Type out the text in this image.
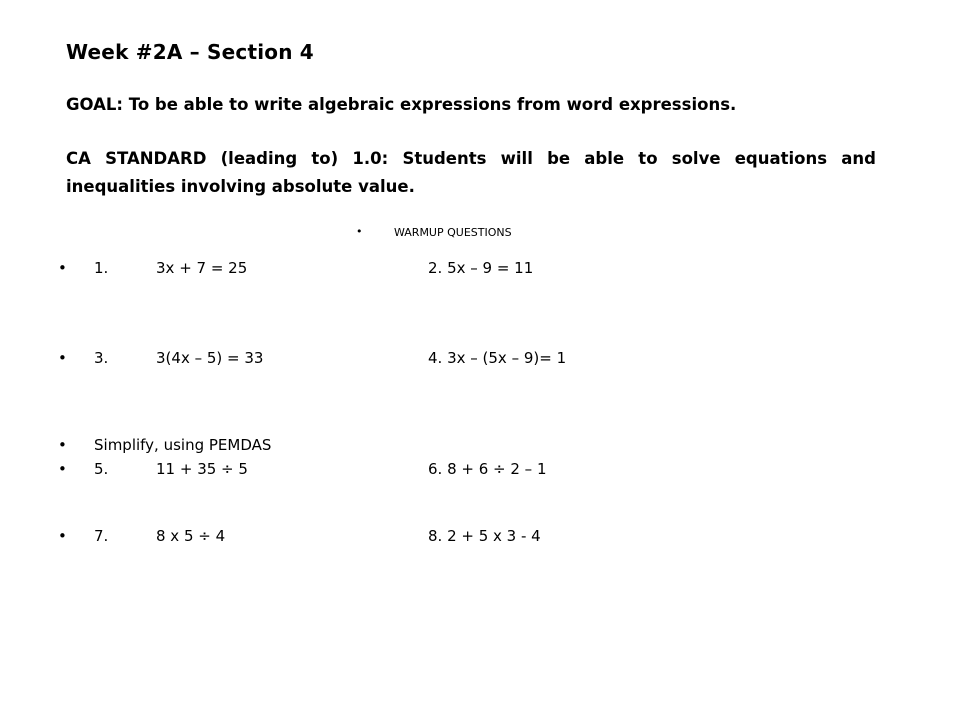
Week #2A – Section 4
GOAL: To be able to write algebraic expressions from word expressions.
CA STANDARD (leading to) 1.0: Students will be able to solve equations and inequalities involving absolute value.
•	WARMUP QUESTIONS
• 1.	3x + 7 = 25	2. 5x – 9 = 11
• 3.	3(4x – 5) = 33	4. 3x – (5x – 9)= 1
• Simplify, using PEMDAS
• 5.	11 + 35 ÷ 5	6. 8 + 6 ÷ 2 – 1
• 7.	8 x 5 ÷ 4	8. 2 + 5 x 3 - 4
